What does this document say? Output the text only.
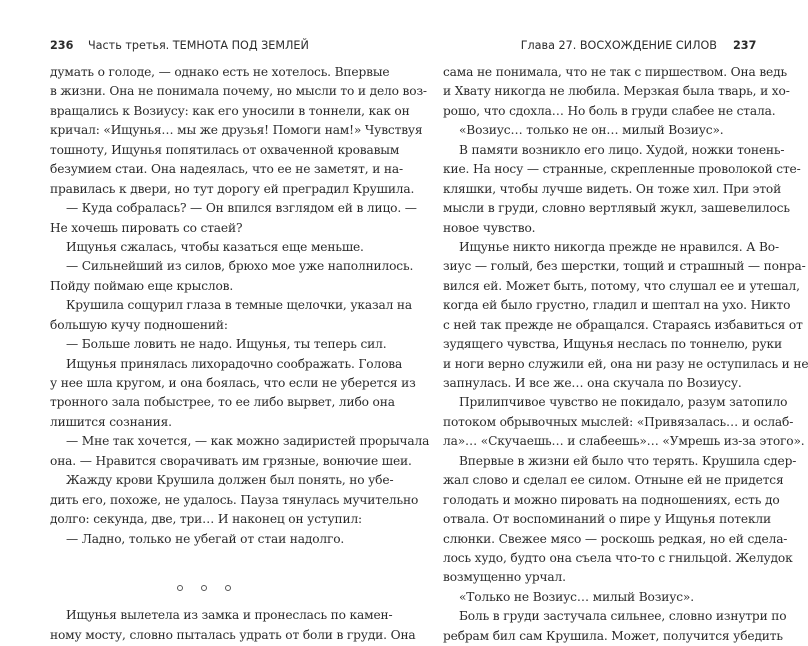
236 Часть третья. ТЕМНОТА ПОД ЗЕМЛЕЙ
думать о голоде, — однако есть не хотелось. Впервые
в жизни. Она не понимала почему, но мысли то и дело воз-
вращались к Возиусу: как его уносили в тоннели, как он
кричал: «Ищунья… мы же друзья! Помоги нам!» Чувствуя
тошноту, Ищунья попятилась от охваченной кровавым
безумием стаи. Она надеялась, что ее не заметят, и на-
правилась к двери, но тут дорогу ей преградил Крушила.
— Куда собралась? — Он впился взглядом ей в лицо. —
Не хочешь пировать со стаей?
Ищунья сжалась, чтобы казаться еще меньше.
— Сильнейший из силов, брюхо мое уже наполнилось.
Пойду поймаю еще крыслов.
Крушила сощурил глаза в темные щелочки, указал на
большую кучу подношений:
— Больше ловить не надо. Ищунья, ты теперь сил.
Ищунья принялась лихорадочно соображать. Голова
у нее шла кругом, и она боялась, что если не уберется из
тронного зала побыстрее, то ее либо вырвет, либо она
лишится сознания.
— Мне так хочется, — как можно задиристей прорычала
она. — Нравится сворачивать им грязные, вонючие шеи.
Жажду крови Крушила должен был понять, но убе-
дить его, похоже, не удалось. Пауза тянулась мучительно
долго: секунда, две, три… И наконец он уступил:
— Ладно, только не убегай от стаи надолго.
Ищунья вылетела из замка и пронеслась по камен-
ному мосту, словно пыталась удрать от боли в груди. Она
Глава 27. ВОСХОЖДЕНИЕ СИЛОВ 237
сама не понимала, что не так с пиршеством. Она ведь
и Хвату никогда не любила. Мерзкая была тварь, и хо-
рошо, что сдохла… Но боль в груди слабее не стала.
«Возиус… только не он… милый Возиус».
В памяти возникло его лицо. Худой, ножки тонень-
кие. На носу — странные, скрепленные проволокой сте-
кляшки, чтобы лучше видеть. Он тоже хил. При этой
мысли в груди, словно вертлявый жукл, зашевелилось
новое чувство.
Ищунье никто никогда прежде не нравился. А Во-
зиус — голый, без шерстки, тощий и страшный — понра-
вился ей. Может быть, потому, что слушал ее и утешал,
когда ей было грустно, гладил и шептал на ухо. Никто
с ней так прежде не обращался. Стараясь избавиться от
зудящего чувства, Ищунья неслась по тоннелю, руки
и ноги верно служили ей, она ни разу не оступилась и не
запнулась. И все же… она скучала по Возиусу.
Прилипчивое чувство не покидало, разум затопило
потоком обрывочных мыслей: «Привязалась… и ослаб-
ла»… «Скучаешь… и слабеешь»… «Умрешь из-за этого».
Впервые в жизни ей было что терять. Крушила сдер-
жал слово и сделал ее силом. Отныне ей не придется
голодать и можно пировать на подношениях, есть до
отвала. От воспоминаний о пире у Ищунья потекли
слюнки. Свежее мясо — роскошь редкая, но ей сдела-
лось худо, будто она съела что-то с гнильцой. Желудок
возмущенно урчал.
«Только не Возиус… милый Возиус».
Боль в груди застучала сильнее, словно изнутри по
ребрам бил сам Крушила. Может, получится убедить
